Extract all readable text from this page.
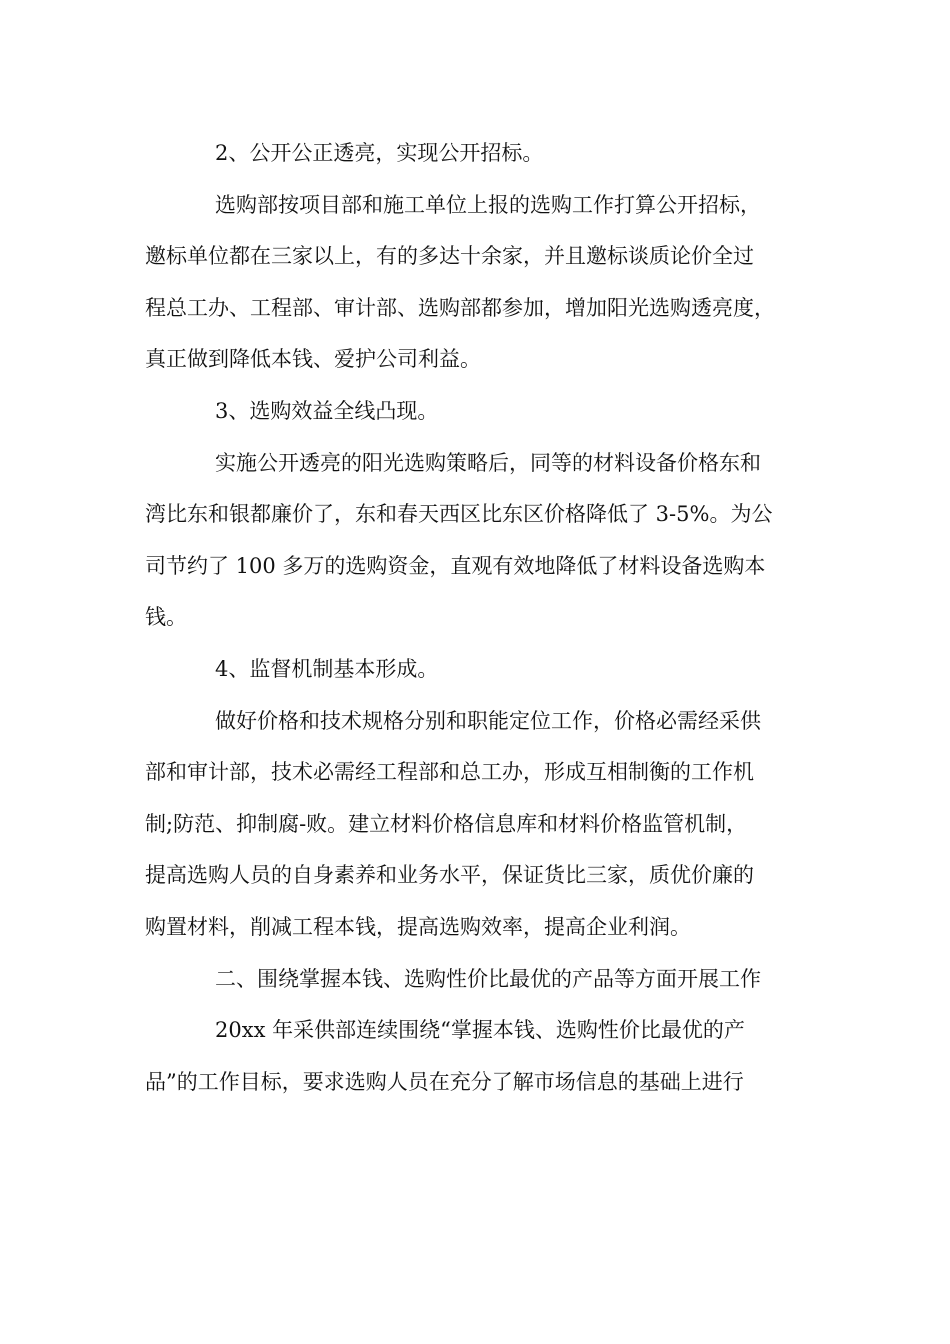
2、公开公正透亮，实现公开招标。
选购部按项目部和施工单位上报的选购工作打算公开招标，
邀标单位都在三家以上，有的多达十余家，并且邀标谈质论价全过
程总工办、工程部、审计部、选购部都参加，增加阳光选购透亮度，
真正做到降低本钱、爱护公司利益。
3、选购效益全线凸现。
实施公开透亮的阳光选购策略后，同等的材料设备价格东和
湾比东和银都廉价了，东和春天西区比东区价格降低了 3-5%。为公
司节约了 100 多万的选购资金，直观有效地降低了材料设备选购本
钱。
4、监督机制基本形成。
做好价格和技术规格分别和职能定位工作，价格必需经采供
部和审计部，技术必需经工程部和总工办，形成互相制衡的工作机
制;防范、抑制腐-败。建立材料价格信息库和材料价格监管机制，
提高选购人员的自身素养和业务水平，保证货比三家，质优价廉的
购置材料，削减工程本钱，提高选购效率，提高企业利润。
二、围绕掌握本钱、选购性价比最优的产品等方面开展工作
20xx 年采供部连续围绕“掌握本钱、选购性价比最优的产
品”的工作目标，要求选购人员在充分了解市场信息的基础上进行
